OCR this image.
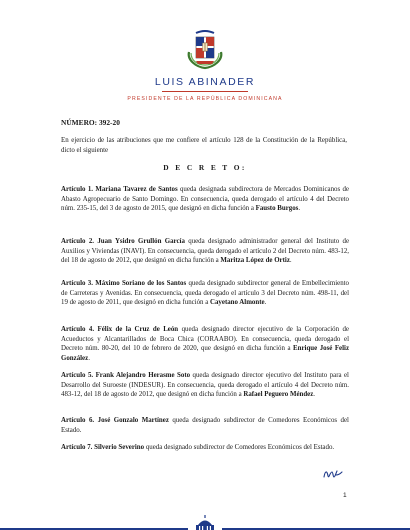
LUIS ABINADER
PRESIDENTE DE LA REPÚBLICA DOMINICANA
NÚMERO: 392-20
En ejercicio de las atribuciones que me confiere el artículo 128 de la Constitución de la República, dicto el siguiente
D E C R E T O:
Artículo 1. Mariana Tavarez de Santos queda designada subdirectora de Mercados Dominicanos de Abasto Agropecuario de Santo Domingo. En consecuencia, queda derogado el artículo 4 del Decreto núm. 235-15, del 3 de agosto de 2015, que designó en dicha función a Fausto Burgos.
Artículo 2. Juan Ysidro Grullón García queda designado administrador general del Instituto de Auxilios y Viviendas (INAVI). En consecuencia, queda derogado el artículo 2 del Decreto núm. 483-12, del 18 de agosto de 2012, que designó en dicha función a Maritza López de Ortiz.
Artículo 3. Máximo Soriano de los Santos queda designado subdirector general de Embellecimiento de Carreteras y Avenidas. En consecuencia, queda derogado el artículo 3 del Decreto núm. 498-11, del 19 de agosto de 2011, que designó en dicha función a Cayetano Almonte.
Artículo 4. Félix de la Cruz de León queda designado director ejecutivo de la Corporación de Acueductos y Alcantarillados de Boca Chica (CORAABO). En consecuencia, queda derogado el Decreto núm. 80-20, del 10 de febrero de 2020, que designó en dicha función a Enrique José Feliz González.
Artículo 5. Frank Alejandro Herasme Soto queda designado director ejecutivo del Instituto para el Desarrollo del Suroeste (INDESUR). En consecuencia, queda derogado el artículo 4 del Decreto núm. 483-12, del 18 de agosto de 2012, que designó en dicha función a Rafael Peguero Méndez.
Artículo 6. José Gonzalo Martínez queda designado subdirector de Comedores Económicos del Estado.
Artículo 7. Silverio Severino queda designado subdirector de Comedores Económicos del Estado.
1
